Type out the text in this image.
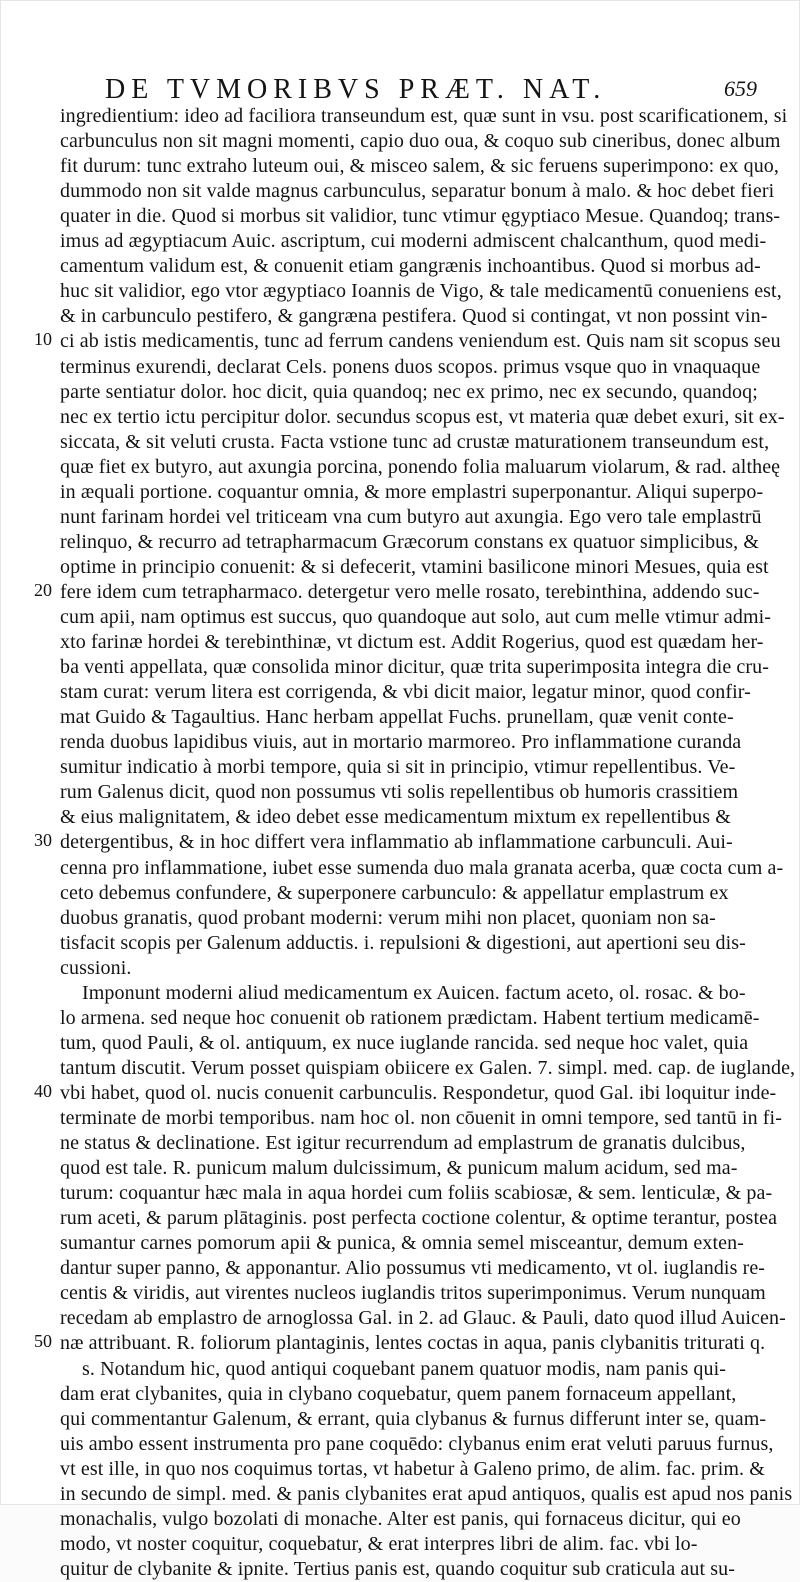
DE TVMORIBVS PRÆT. NAT.	659
ingredientium: ideo ad faciliora transeundum est, quæ sunt in vsu. post scarificationem, si
carbunculus non sit magni momenti, capio duo oua, & coquo sub cineribus, donec album
fit durum: tunc extraho luteum oui, & misceo salem, & sic feruens superimpono: ex quo,
dummodo non sit valde magnus carbunculus, separatur bonum à malo. & hoc debet fieri
quater in die. Quod si morbus sit validior, tunc vtimur ęgyptiaco Mesue. Quandoq; trans-
imus ad ægyptiacum Auic. ascriptum, cui moderni admiscent chalcanthum, quod medi-
camentum validum est, & conuenit etiam gangrænis inchoantibus. Quod si morbus ad-
huc sit validior, ego vtor ægyptiaco Ioannis de Vigo, & tale medicamentū conueniens est,
& in carbunculo pestifero, & gangræna pestifera. Quod si contingat, vt non possint vin-
ci ab istis medicamentis, tunc ad ferrum candens veniendum est. Quis nam sit scopus seu
10
terminus exurendi, declarat Cels. ponens duos scopos. primus vsque quo in vnaquaque
parte sentiatur dolor. hoc dicit, quia quandoq; nec ex primo, nec ex secundo, quandoq;
nec ex tertio ictu percipitur dolor. secundus scopus est, vt materia quæ debet exuri, sit ex-
siccata, & sit veluti crusta. Facta vstione tunc ad crustæ maturationem transeundum est,
quæ fiet ex butyro, aut axungia porcina, ponendo folia maluarum violarum, & rad. altheę
in æquali portione. coquantur omnia, & more emplastri superponantur. Aliqui superpo-
nunt farinam hordei vel triticeam vna cum butyro aut axungia. Ego vero tale emplastrū
relinquo, & recurro ad tetrapharmacum Græcorum constans ex quatuor simplicibus, &
optime in principio conuenit: & si defecerit, vtamini basilicone minori Mesues, quia est
fere idem cum tetrapharmaco. detergetur vero melle rosato, terebinthina, addendo suc-
20
cum apii, nam optimus est succus, quo quandoque aut solo, aut cum melle vtimur admi-
xto farinæ hordei & terebinthinæ, vt dictum est. Addit Rogerius, quod est quædam her-
ba venti appellata, quæ consolida minor dicitur, quæ trita superimposita integra die cru-
stam curat: verum litera est corrigenda, & vbi dicit maior, legatur minor, quod confir-
mat Guido & Tagaultius. Hanc herbam appellat Fuchs. prunellam, quæ venit conte-
renda duobus lapidibus viuis, aut in mortario marmoreo. Pro inflammatione curanda
sumitur indicatio à morbi tempore, quia si sit in principio, vtimur repellentibus. Ve-
rum Galenus dicit, quod non possumus vti solis repellentibus ob humoris crassitiem
& eius malignitatem, & ideo debet esse medicamentum mixtum ex repellentibus &
detergentibus, & in hoc differt vera inflammatio ab inflammatione carbunculi. Aui-
30
cenna pro inflammatione, iubet esse sumenda duo mala granata acerba, quæ cocta cum a-
ceto debemus confundere, & superponere carbunculo: & appellatur emplastrum ex
duobus granatis, quod probant moderni: verum mihi non placet, quoniam non sa-
tisfacit scopis per Galenum adductis. i. repulsioni & digestioni, aut apertioni seu dis-
cussioni.
Imponunt moderni aliud medicamentum ex Auicen. factum aceto, ol. rosac. & bo-
lo armena. sed neque hoc conuenit ob rationem prædictam. Habent tertium medicamē-
tum, quod Pauli, & ol. antiquum, ex nuce iuglande rancida. sed neque hoc valet, quia
tantum discutit. Verum posset quispiam obiicere ex Galen. 7. simpl. med. cap. de iuglande,
vbi habet, quod ol. nucis conuenit carbunculis. Respondetur, quod Gal. ibi loquitur inde-
40
terminate de morbi temporibus. nam hoc ol. non cōuenit in omni tempore, sed tantū in fi-
ne status & declinatione. Est igitur recurrendum ad emplastrum de granatis dulcibus,
quod est tale. R. punicum malum dulcissimum, & punicum malum acidum, sed ma-
turum: coquantur hæc mala in aqua hordei cum foliis scabiosæ, & sem. lenticulæ, & pa-
rum aceti, & parum plātaginis. post perfecta coctione colentur, & optime terantur, postea
sumantur carnes pomorum apii & punica, & omnia semel misceantur, demum exten-
dantur super panno, & apponantur. Alio possumus vti medicamento, vt ol. iuglandis re-
centis & viridis, aut virentes nucleos iuglandis tritos superimponimus. Verum nunquam
recedam ab emplastro de arnoglossa Gal. in 2. ad Glauc. & Pauli, dato quod illud Auicen-
næ attribuant. R. foliorum plantaginis, lentes coctas in aqua, panis clybanitis triturati q.
50
s. Notandum hic, quod antiqui coquebant panem quatuor modis, nam panis qui-
dam erat clybanites, quia in clybano coquebatur, quem panem fornaceum appellant,
qui commentantur Galenum, & errant, quia clybanus & furnus differunt inter se, quam-
uis ambo essent instrumenta pro pane coquēdo: clybanus enim erat veluti paruus furnus,
vt est ille, in quo nos coquimus tortas, vt habetur à Galeno primo, de alim. fac. prim. &
in secundo de simpl. med. & panis clybanites erat apud antiquos, qualis est apud nos panis
monachalis, vulgo bozolati di monache. Alter est panis, qui fornaceus dicitur, qui eo
modo, vt noster coquitur, coquebatur, & erat interpres libri de alim. fac. vbi lo-
quitur de clybanite & ipnite. Tertius panis est, quando coquitur sub craticula aut su-
